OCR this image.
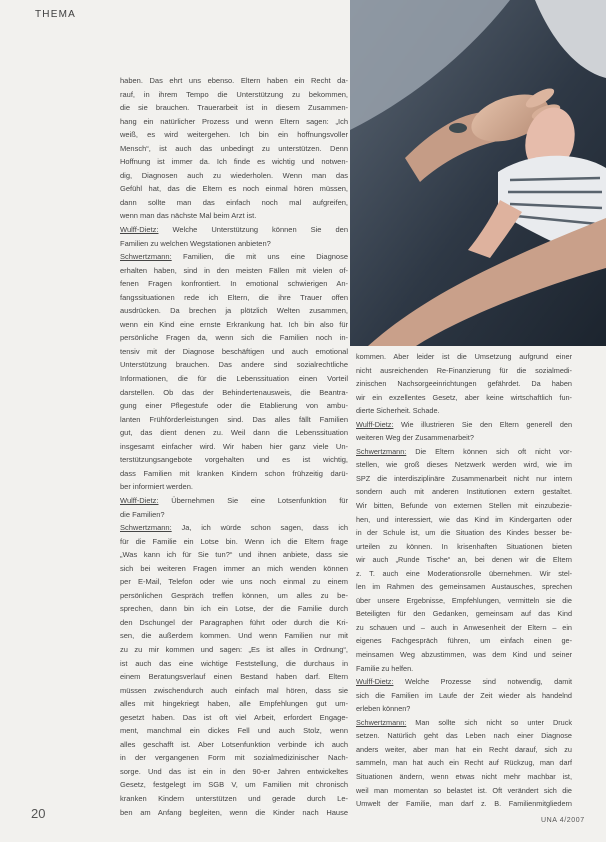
THEMA
haben. Das ehrt uns ebenso. Eltern haben ein Recht da-
rauf, in ihrem Tempo die Unterstützung zu bekommen,
die sie brauchen. Trauerarbeit ist in diesem Zusammen-
hang ein natürlicher Prozess und wenn Eltern sagen: „Ich
weiß, es wird weitergehen. Ich bin ein hoffnungsvoller
Mensch“, ist auch das unbedingt zu unterstützen. Denn
Hoffnung ist immer da. Ich finde es wichtig und notwen-
dig, Diagnosen auch zu wiederholen. Wenn man das
Gefühl hat, das die Eltern es noch einmal hören müssen,
dann sollte man das einfach noch mal aufgreifen,
wenn man das nächste Mal beim Arzt ist.
Wulff-Dietz: Welche Unterstützung können Sie den
Familien zu welchen Wegstationen anbieten?
Schwertzmann: Familien, die mit uns eine Diagnose
erhalten haben, sind in den meisten Fällen mit vielen of-
fenen Fragen konfrontiert. In emotional schwierigen An-
fangssituationen rede ich Eltern, die ihre Trauer offen
ausdrücken. Da brechen ja plötzlich Welten zusammen,
wenn ein Kind eine ernste Erkrankung hat. Ich bin also für
persönliche Fragen da, wenn sich die Familien noch in-
tensiv mit der Diagnose beschäftigen und auch emotional
Unterstützung brauchen. Das andere sind sozialrechtliche
Informationen, die für die Lebenssituation einen Vorteil
darstellen. Ob das der Behindertenausweis, die Beantra-
gung einer Pflegestufe oder die Etablierung von ambu-
lanten Frühförderleistungen sind. Das alles fällt Familien
gut, das dient denen zu. Weil dann die Lebenssituation
insgesamt einfacher wird. Wir haben hier ganz viele Un-
terstützungsangebote vorgehalten und es ist wichtig,
dass Familien mit kranken Kindern schon frühzeitig darü-
ber informiert werden.
Wulff-Dietz: Übernehmen Sie eine Lotsenfunktion für
die Familien?
Schwertzmann: Ja, ich würde schon sagen, dass ich
für die Familie ein Lotse bin. Wenn ich die Eltern frage
„Was kann ich für Sie tun?“ und ihnen anbiete, dass sie
sich bei weiteren Fragen immer an mich wenden können
per E-Mail, Telefon oder wie uns noch einmal zu einem
persönlichen Gespräch treffen können, um alles zu be-
sprechen, dann bin ich ein Lotse, der die Familie durch
den Dschungel der Paragraphen führt oder durch die Kri-
sen, die außerdem kommen. Und wenn Familien nur mit
zu zu mir kommen und sagen: „Es ist alles in Ordnung“,
ist auch das eine wichtige Feststellung, die durchaus in
einem Beratungsverlauf einen Bestand haben darf. Eltern
müssen zwischendurch auch einfach mal hören, dass sie
alles mit hingekriegt haben, alle Empfehlungen gut um-
gesetzt haben. Das ist oft viel Arbeit, erfordert Engage-
ment, manchmal ein dickes Fell und auch Stolz, wenn
alles geschafft ist. Aber Lotsenfunktion verbinde ich auch
in der vergangenen Form mit sozialmedizinischer Nach-
sorge. Und das ist ein in den 90-er Jahren entwickeltes
Gesetz, festgelegt im SGB V, um Familien mit chronisch
kranken Kindern unterstützen und gerade durch Le-
ben am Anfang begleiten, wenn die Kinder nach Hause
kommen. Aber leider ist die Umsetzung aufgrund einer
nicht ausreichenden Re-Finanzierung für die sozialmedi-
zinischen Nachsorgeeinrichtungen gefährdet. Da haben
wir ein exzellentes Gesetz, aber keine wirtschaftlich fun-
dierte Sicherheit. Schade.
Wulff-Dietz: Wie illustrieren Sie den Eltern generell den
weiteren Weg der Zusammenarbeit?
Schwertzmann: Die Eltern können sich oft nicht vor-
stellen, wie groß dieses Netzwerk werden wird, wie im
SPZ die interdisziplinäre Zusammenarbeit nicht nur intern
sondern auch mit anderen Institutionen extern gestaltet.
Wir bitten, Befunde von externen Stellen mit einzubezie-
hen, und interessiert, wie das Kind im Kindergarten oder
in der Schule ist, um die Situation des Kindes besser be-
urteilen zu können. In krisenhaften Situationen bieten
wir auch „Runde Tische“ an, bei denen wir die Eltern
z. T. auch eine Moderationsrolle übernehmen. Wir stel-
len im Rahmen des gemeinsamen Austausches, sprechen
über unsere Ergebnisse, Empfehlungen, vermitteln sie die
Beteiligten für den Gedanken, gemeinsam auf das Kind
zu schauen und – auch in Anwesenheit der Eltern – ein
eigenes Fachgespräch führen, um einfach einen ge-
meinsamen Weg abzustimmen, was dem Kind und seiner
Familie zu helfen.
Wulff-Dietz: Welche Prozesse sind notwendig, damit
sich die Familien im Laufe der Zeit wieder als handelnd
erleben können?
Schwertzmann: Man sollte sich nicht so unter Druck
setzen. Natürlich geht das Leben nach einer Diagnose
anders weiter, aber man hat ein Recht darauf, sich zu
sammeln, man hat auch ein Recht auf Rückzug, man darf
Situationen ändern, wenn etwas nicht mehr machbar ist,
weil man momentan so belastet ist. Oft verändert sich die
Umwelt der Familie, man darf z. B. Familienmitgliedern
20	UNA 4/2007
